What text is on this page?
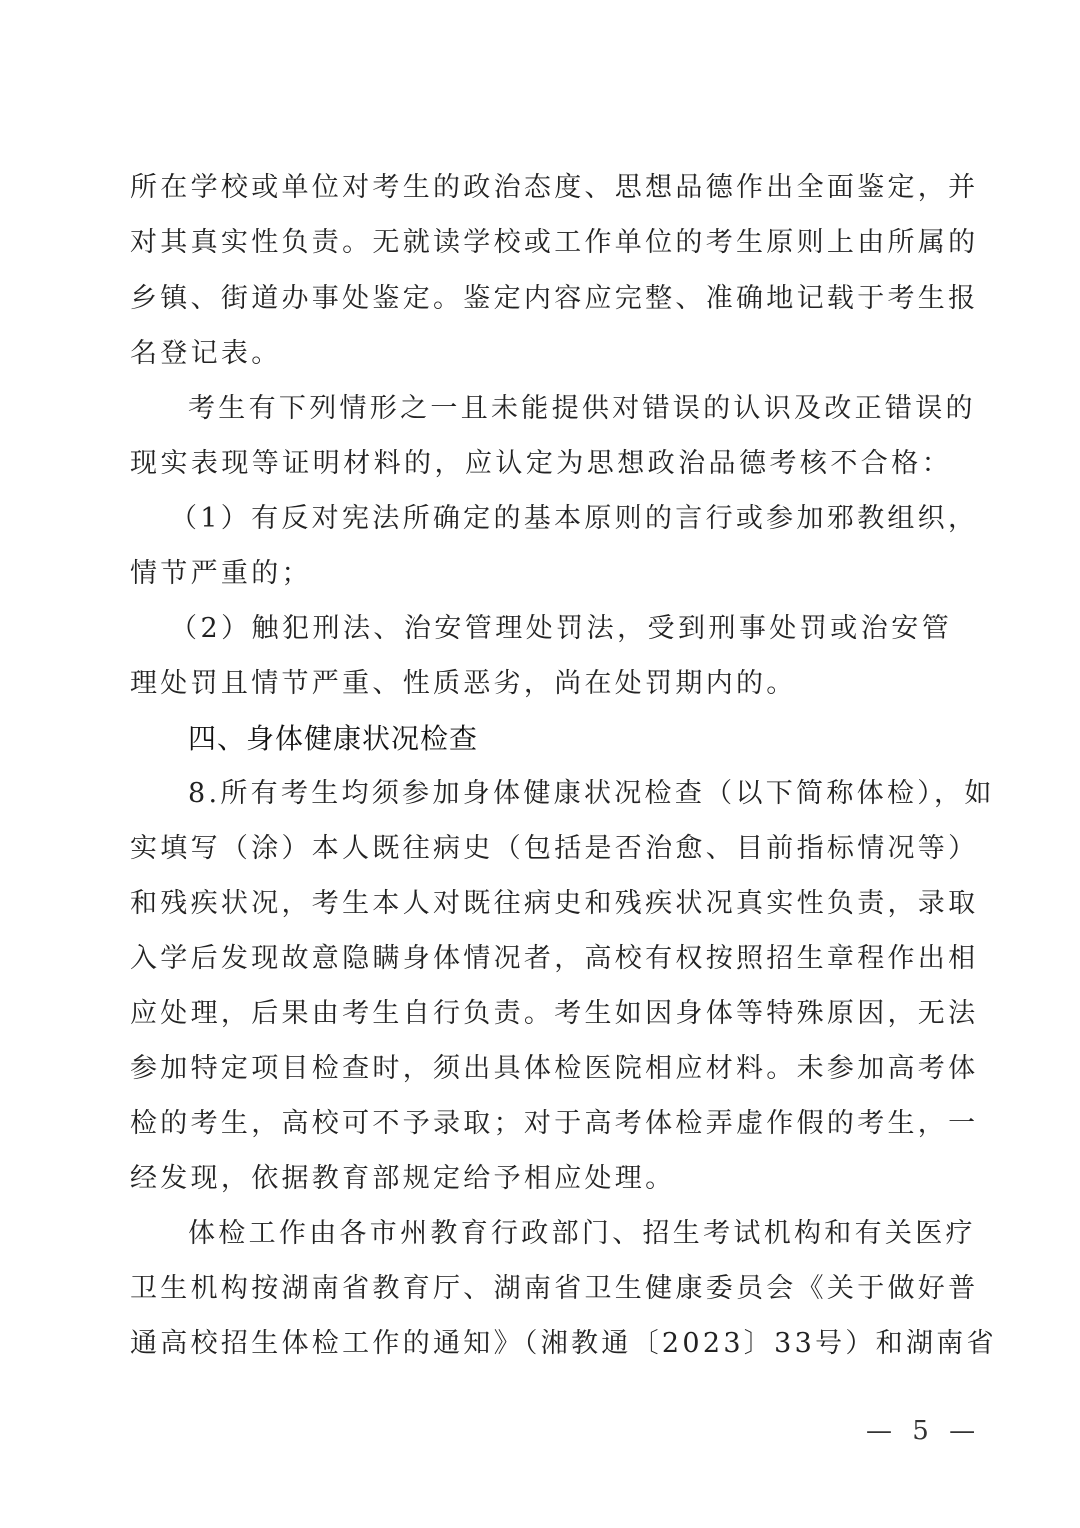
所在学校或单位对考生的政治态度、思想品德作出全面鉴定，并
对其真实性负责。无就读学校或工作单位的考生原则上由所属的
乡镇、街道办事处鉴定。鉴定内容应完整、准确地记载于考生报
名登记表。
考生有下列情形之一且未能提供对错误的认识及改正错误的
现实表现等证明材料的，应认定为思想政治品德考核不合格：
（1）有反对宪法所确定的基本原则的言行或参加邪教组织，
情节严重的；
（2）触犯刑法、治安管理处罚法，受到刑事处罚或治安管
理处罚且情节严重、性质恶劣，尚在处罚期内的。
8.所有考生均须参加身体健康状况检查（以下简称体检），如
实填写（涂）本人既往病史（包括是否治愈、目前指标情况等）
和残疾状况，考生本人对既往病史和残疾状况真实性负责，录取
入学后发现故意隐瞒身体情况者，高校有权按照招生章程作出相
应处理，后果由考生自行负责。考生如因身体等特殊原因，无法
参加特定项目检查时，须出具体检医院相应材料。未参加高考体
检的考生，高校可不予录取；对于高考体检弄虚作假的考生，一
经发现，依据教育部规定给予相应处理。
体检工作由各市州教育行政部门、招生考试机构和有关医疗
卫生机构按湖南省教育厅、湖南省卫生健康委员会《关于做好普
通高校招生体检工作的通知》（湘教通〔2023〕33号）和湖南省
四、身体健康状况检查
— 5 —
